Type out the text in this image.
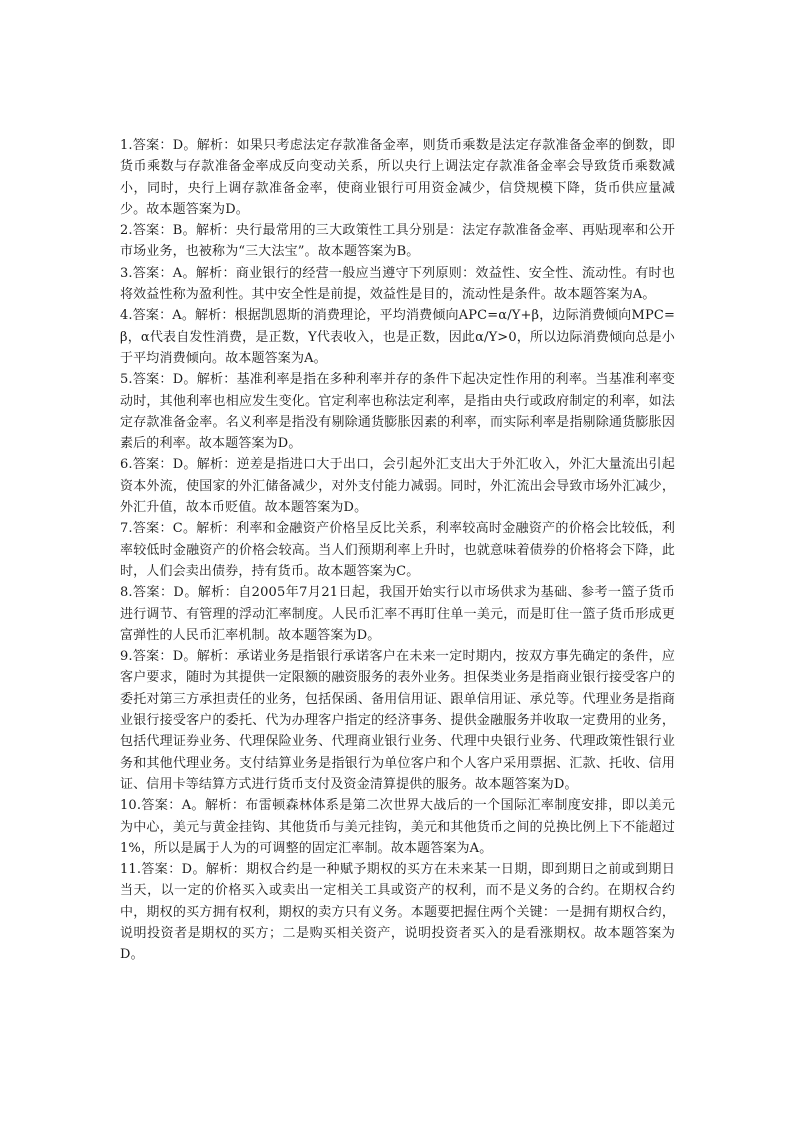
1.答案：D。解析：如果只考虑法定存款准备金率，则货币乘数是法定存款准备金率的倒数，即货币乘数与存款准备金率成反向变动关系，所以央行上调法定存款准备金率会导致货币乘数减小，同时，央行上调存款准备金率，使商业银行可用资金减少，信贷规模下降，货币供应量减少。故本题答案为D。

2.答案：B。解析：央行最常用的三大政策性工具分别是：法定存款准备金率、再贴现率和公开市场业务，也被称为“三大法宝”。故本题答案为B。

3.答案：A。解析：商业银行的经营一般应当遵守下列原则：效益性、安全性、流动性。有时也将效益性称为盈利性。其中安全性是前提，效益性是目的，流动性是条件。故本题答案为A。

4.答案：A。解析：根据凯恩斯的消费理论，平均消费倾向APC=α/Y+β，边际消费倾向MPC=β，α代表自发性消费，是正数，Y代表收入，也是正数，因此α/Y>0，所以边际消费倾向总是小于平均消费倾向。故本题答案为A。

5.答案：D。解析：基准利率是指在多种利率并存的条件下起决定性作用的利率。当基准利率变动时，其他利率也相应发生变化。官定利率也称法定利率，是指由央行或政府制定的利率，如法定存款准备金率。名义利率是指没有剔除通货膨胀因素的利率，而实际利率是指剔除通货膨胀因素后的利率。故本题答案为D。

6.答案：D。解析：逆差是指进口大于出口，会引起外汇支出大于外汇收入，外汇大量流出引起资本外流，使国家的外汇储备减少，对外支付能力减弱。同时，外汇流出会导致市场外汇减少，外汇升值，故本币贬值。故本题答案为D。

7.答案：C。解析：利率和金融资产价格呈反比关系，利率较高时金融资产的价格会比较低，利率较低时金融资产的价格会较高。当人们预期利率上升时，也就意味着债券的价格将会下降，此时，人们会卖出债券，持有货币。故本题答案为C。

8.答案：D。解析：自2005年7月21日起，我国开始实行以市场供求为基础、参考一篮子货币进行调节、有管理的浮动汇率制度。人民币汇率不再盯住单一美元，而是盯住一篮子货币形成更富弹性的人民币汇率机制。故本题答案为D。

9.答案：D。解析：承诺业务是指银行承诺客户在未来一定时期内，按双方事先确定的条件，应客户要求，随时为其提供一定限额的融资服务的表外业务。担保类业务是指商业银行接受客户的委托对第三方承担责任的业务，包括保函、备用信用证、跟单信用证、承兑等。代理业务是指商业银行接受客户的委托、代为办理客户指定的经济事务、提供金融服务并收取一定费用的业务，包括代理证券业务、代理保险业务、代理商业银行业务、代理中央银行业务、代理政策性银行业务和其他代理业务。支付结算业务是指银行为单位客户和个人客户采用票据、汇款、托收、信用证、信用卡等结算方式进行货币支付及资金清算提供的服务。故本题答案为D。

10.答案：A。解析：布雷顿森林体系是第二次世界大战后的一个国际汇率制度安排，即以美元为中心，美元与黄金挂钩、其他货币与美元挂钩，美元和其他货币之间的兑换比例上下不能超过1%，所以是属于人为的可调整的固定汇率制。故本题答案为A。

11.答案：D。解析：期权合约是一种赋予期权的买方在未来某一日期，即到期日之前或到期日当天，以一定的价格买入或卖出一定相关工具或资产的权利，而不是义务的合约。在期权合约中，期权的买方拥有权利，期权的卖方只有义务。本题要把握住两个关键：一是拥有期权合约，说明投资者是期权的买方；二是购买相关资产，说明投资者买入的是看涨期权。故本题答案为D。
